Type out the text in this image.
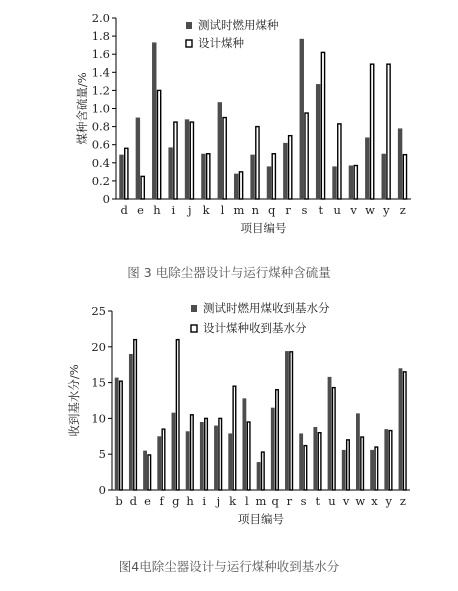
0
0.2
0.4
0.6
0.8
1.0
1.2
1.4
1.6
1.8
2.0
煤种含硫量/%
项目编号
d e h i j k l m n q r s t u v w y z
测试时燃用煤种
设计煤种
图 3 电除尘器设计与运行煤种含硫量
0
5
10
15
20
25
收到基水分/%
项目编号
b d e f g h i j k l m q r s t u v w x y z
测试时燃用煤收到基水分
设计煤种收到基水分
图4电除尘器设计与运行煤种收到基水分
